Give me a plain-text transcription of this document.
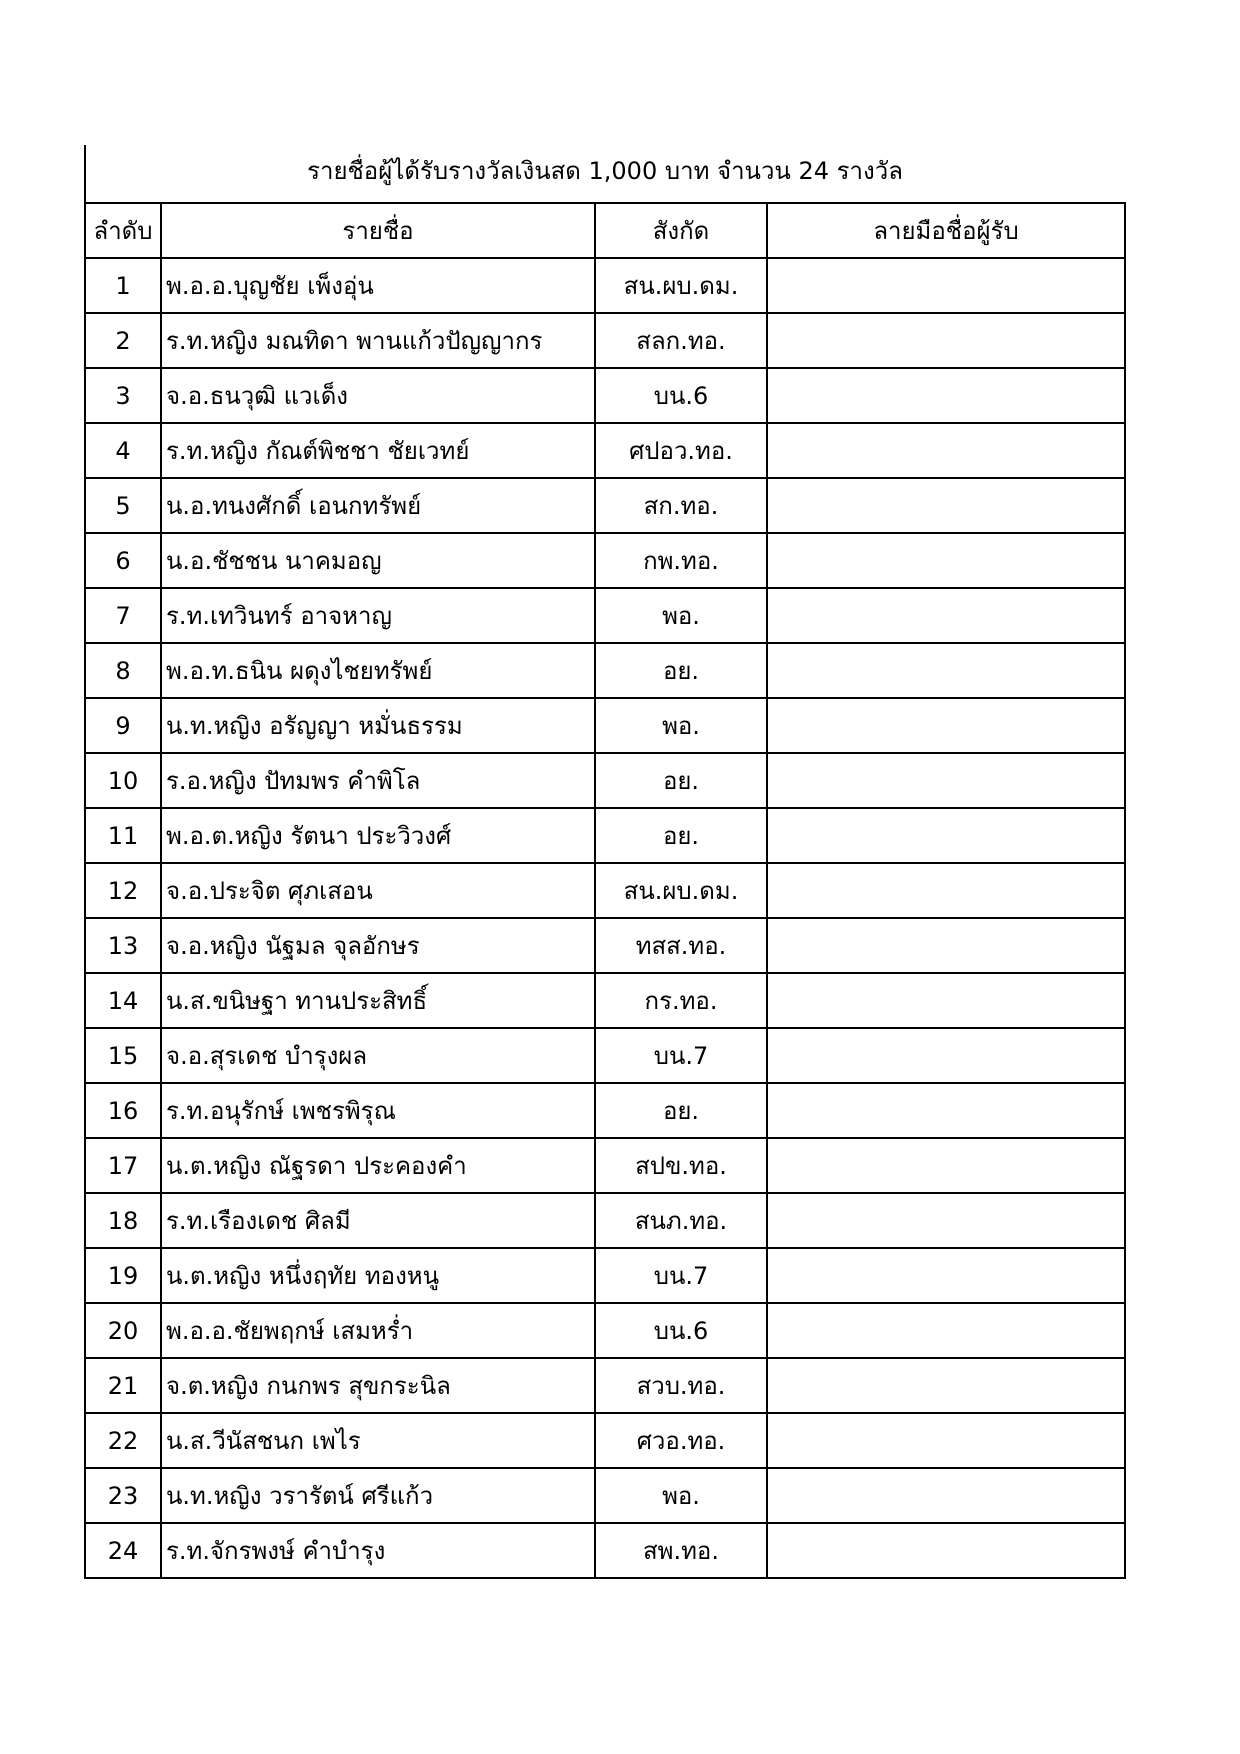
รายชื่อผู้ได้รับรางวัลเงินสด 1,000 บาท จำนวน 24 รางวัล
ลำดับ	รายชื่อ	สังกัด	ลายมือชื่อผู้รับ
1	พ.อ.อ.บุญชัย เพ็งอุ่น	สน.ผบ.ดม.	
2	ร.ท.หญิง มณทิดา พานแก้วปัญญากร	สลก.ทอ.	
3	จ.อ.ธนวุฒิ แวเด็ง	บน.6	
4	ร.ท.หญิง กัณต์พิชชา ชัยเวทย์	ศปอว.ทอ.	
5	น.อ.ทนงศักดิ์ เอนกทรัพย์	สก.ทอ.	
6	น.อ.ชัชชน นาคมอญ	กพ.ทอ.	
7	ร.ท.เทวินทร์ อาจหาญ	พอ.	
8	พ.อ.ท.ธนิน ผดุงไชยทรัพย์	อย.	
9	น.ท.หญิง อรัญญา หมั่นธรรม	พอ.	
10	ร.อ.หญิง ปัทมพร คำพิโล	อย.	
11	พ.อ.ต.หญิง รัตนา ประวิวงศ์	อย.	
12	จ.อ.ประจิต ศุภเสอน	สน.ผบ.ดม.	
13	จ.อ.หญิง นัฐมล จุลอักษร	ทสส.ทอ.	
14	น.ส.ขนิษฐา ทานประสิทธิ์	กร.ทอ.	
15	จ.อ.สุรเดช บำรุงผล	บน.7	
16	ร.ท.อนุรักษ์ เพชรพิรุณ	อย.	
17	น.ต.หญิง ณัฐรดา ประคองคำ	สปข.ทอ.	
18	ร.ท.เรืองเดช ศิลมี	สนภ.ทอ.	
19	น.ต.หญิง หนึ่งฤทัย ทองหนู	บน.7	
20	พ.อ.อ.ชัยพฤกษ์ เสมหร่ำ	บน.6	
21	จ.ต.หญิง กนกพร สุขกระนิล	สวบ.ทอ.	
22	น.ส.วีนัสชนก เพไร	ศวอ.ทอ.	
23	น.ท.หญิง วรารัตน์ ศรีแก้ว	พอ.	
24	ร.ท.จักรพงษ์ คำบำรุง	สพ.ทอ.	
